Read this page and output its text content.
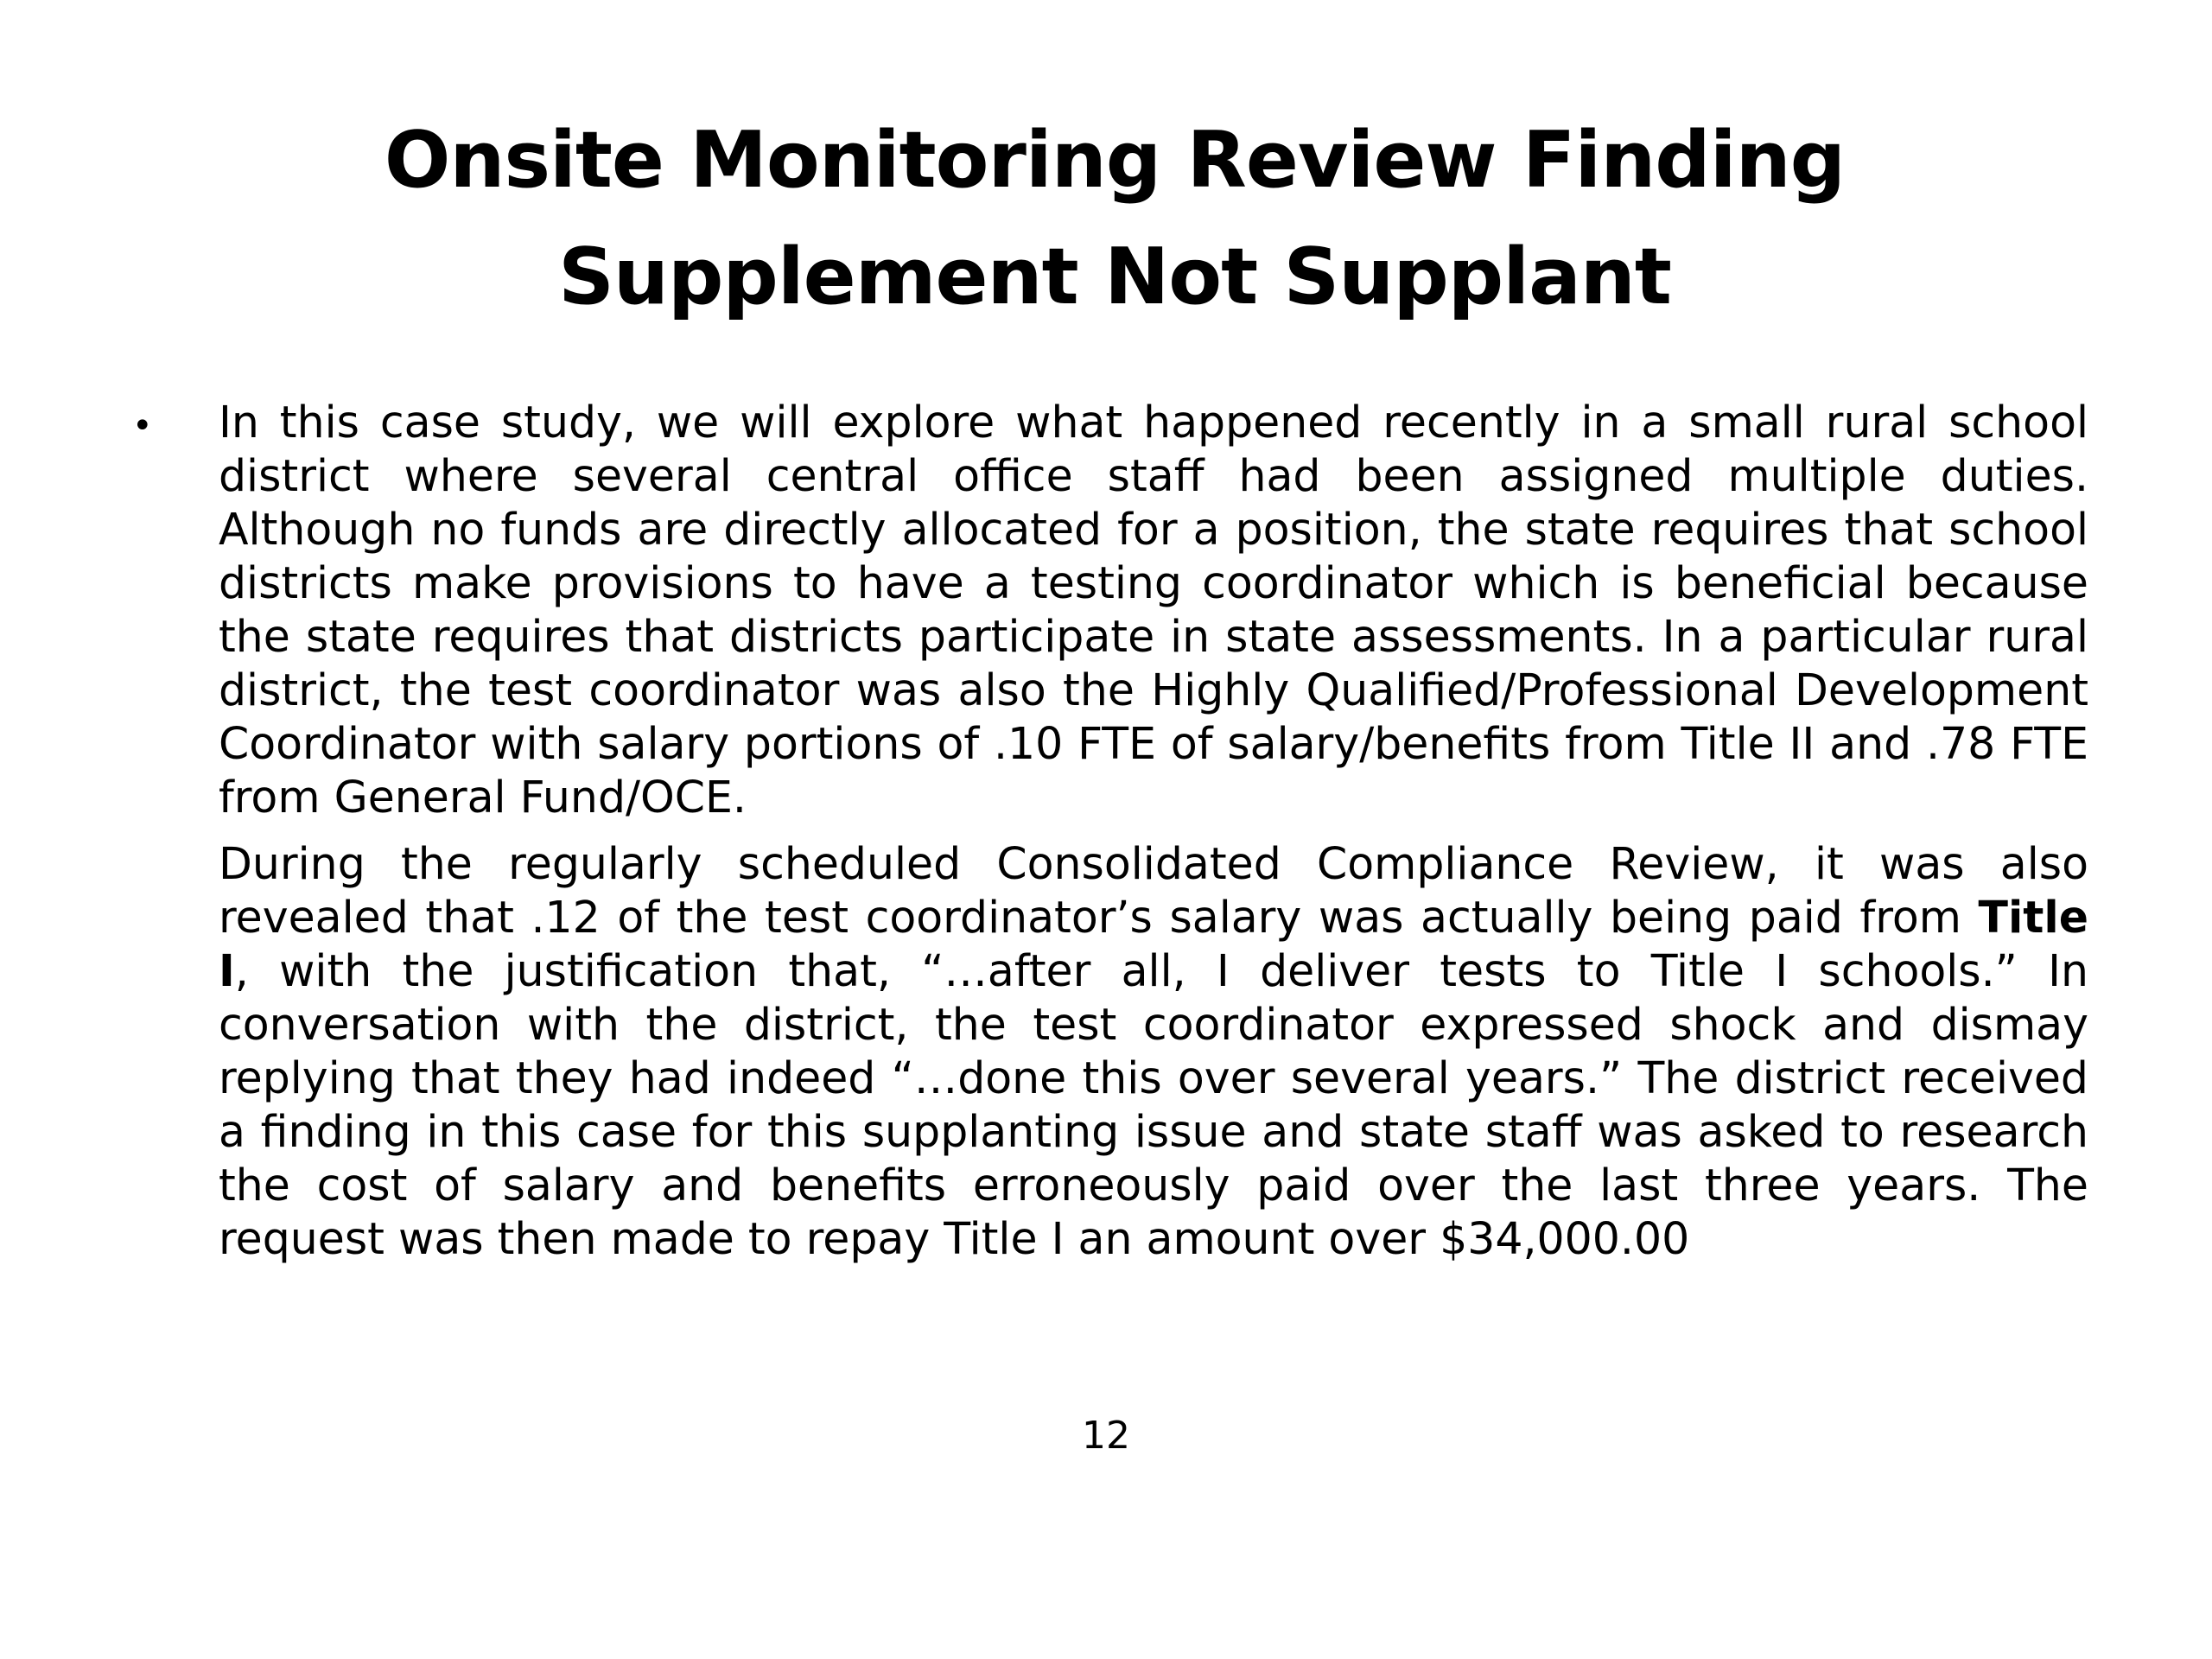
Onsite Monitoring Review Finding
Supplement Not Supplant
• In this case study, we will explore what happened recently in a small rural school district where several central office staff had been assigned multiple duties. Although no funds are directly allocated for a position, the state requires that school districts make provisions to have a testing coordinator which is beneficial because the state requires that districts participate in state assessments. In a particular rural district, the test coordinator was also the Highly Qualified/Professional Development Coordinator with salary portions of .10 FTE of salary/benefits from Title II and .78 FTE from General Fund/OCE.

During the regularly scheduled Consolidated Compliance Review, it was also revealed that .12 of the test coordinator’s salary was actually being paid from Title I, with the justification that, “…after all, I deliver tests to Title I schools.” In conversation with the district, the test coordinator expressed shock and dismay replying that they had indeed “…done this over several years.” The district received a finding in this case for this supplanting issue and state staff was asked to research the cost of salary and benefits erroneously paid over the last three years. The request was then made to repay Title I an amount over $34,000.00

12
